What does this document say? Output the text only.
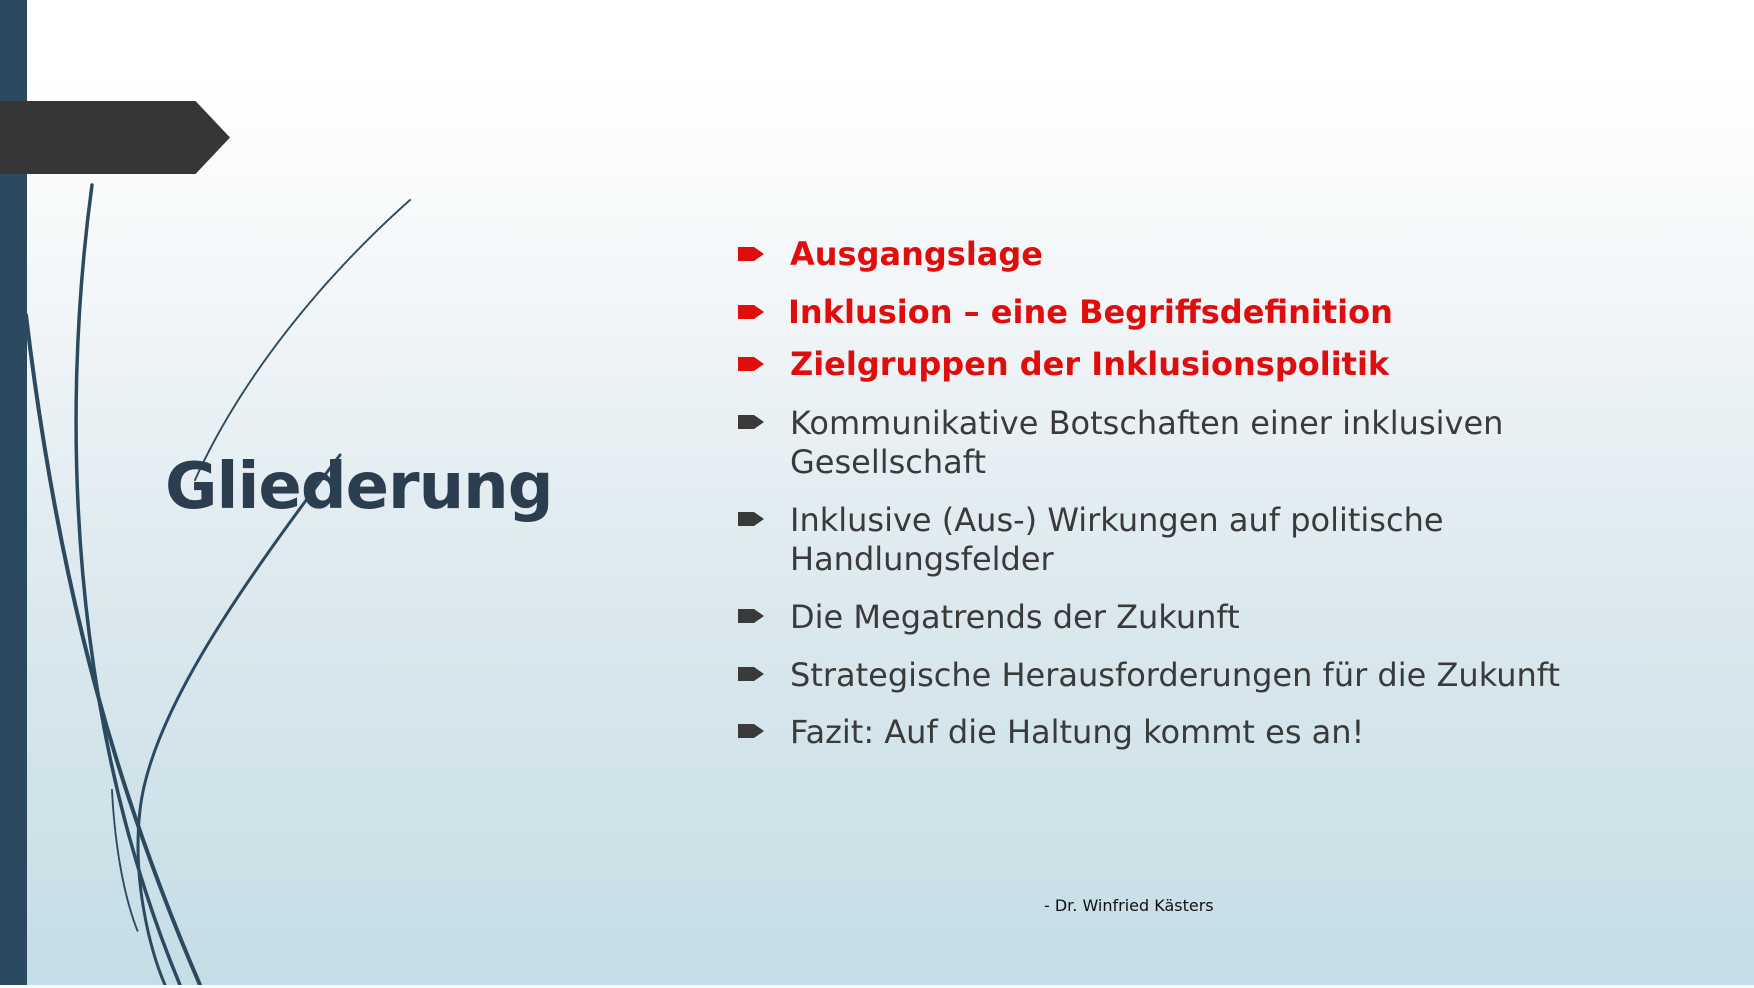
Gliederung
Ausgangslage
Inklusion – eine Begriffsdefinition
Zielgruppen der Inklusionspolitik
Kommunikative Botschaften einer inklusiven
Gesellschaft
Inklusive (Aus-) Wirkungen auf politische
Handlungsfelder
Die Megatrends der Zukunft
Strategische Herausforderungen für die Zukunft
Fazit: Auf die Haltung kommt es an!
- Dr. Winfried Kästers
